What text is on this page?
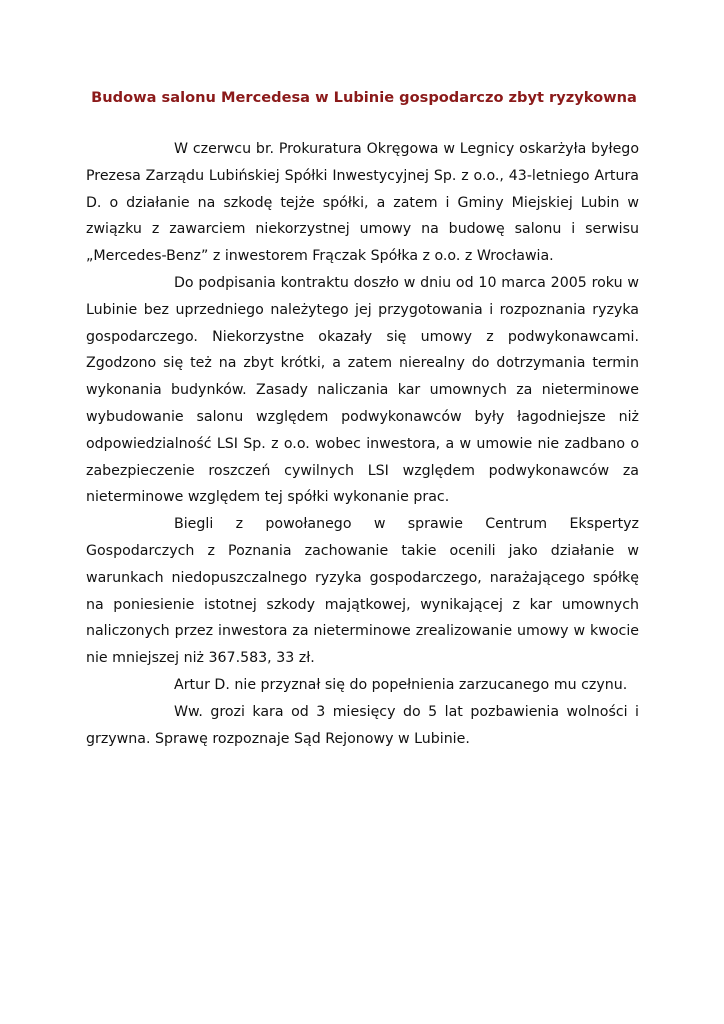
Budowa salonu Mercedesa w Lubinie gospodarczo zbyt ryzykowna

W czerwcu br. Prokuratura Okręgowa w Legnicy oskarżyła byłego Prezesa Zarządu Lubińskiej Spółki Inwestycyjnej Sp. z o.o., 43-letniego Artura D. o działanie na szkodę tejże spółki, a zatem i Gminy Miejskiej Lubin w związku z zawarciem niekorzystnej umowy na budowę salonu i serwisu „Mercedes-Benz” z inwestorem Frączak Spółka z o.o. z Wrocławia.

Do podpisania kontraktu doszło w dniu od 10 marca 2005 roku w Lubinie bez uprzedniego należytego jej przygotowania i rozpoznania ryzyka gospodarczego. Niekorzystne okazały się umowy z podwykonawcami. Zgodzono się też na zbyt krótki, a zatem nierealny do dotrzymania termin wykonania budynków. Zasady naliczania kar umownych za nieterminowe wybudowanie salonu względem podwykonawców były łagodniejsze niż odpowiedzialność LSI Sp. z o.o. wobec inwestora, a w umowie nie zadbano o zabezpieczenie roszczeń cywilnych LSI względem podwykonawców za nieterminowe względem tej spółki wykonanie prac.

Biegli z powołanego w sprawie Centrum Ekspertyz Gospodarczych z Poznania zachowanie takie ocenili jako działanie w warunkach niedopuszczalnego ryzyka gospodarczego, narażającego spółkę na poniesienie istotnej szkody majątkowej, wynikającej z kar umownych naliczonych przez inwestora za nieterminowe zrealizowanie umowy w kwocie nie mniejszej niż 367.583, 33 zł.

Artur D. nie przyznał się do popełnienia zarzucanego mu czynu.

Ww. grozi kara od 3 miesięcy do 5 lat pozbawienia wolności i grzywna. Sprawę rozpoznaje Sąd Rejonowy w Lubinie.
